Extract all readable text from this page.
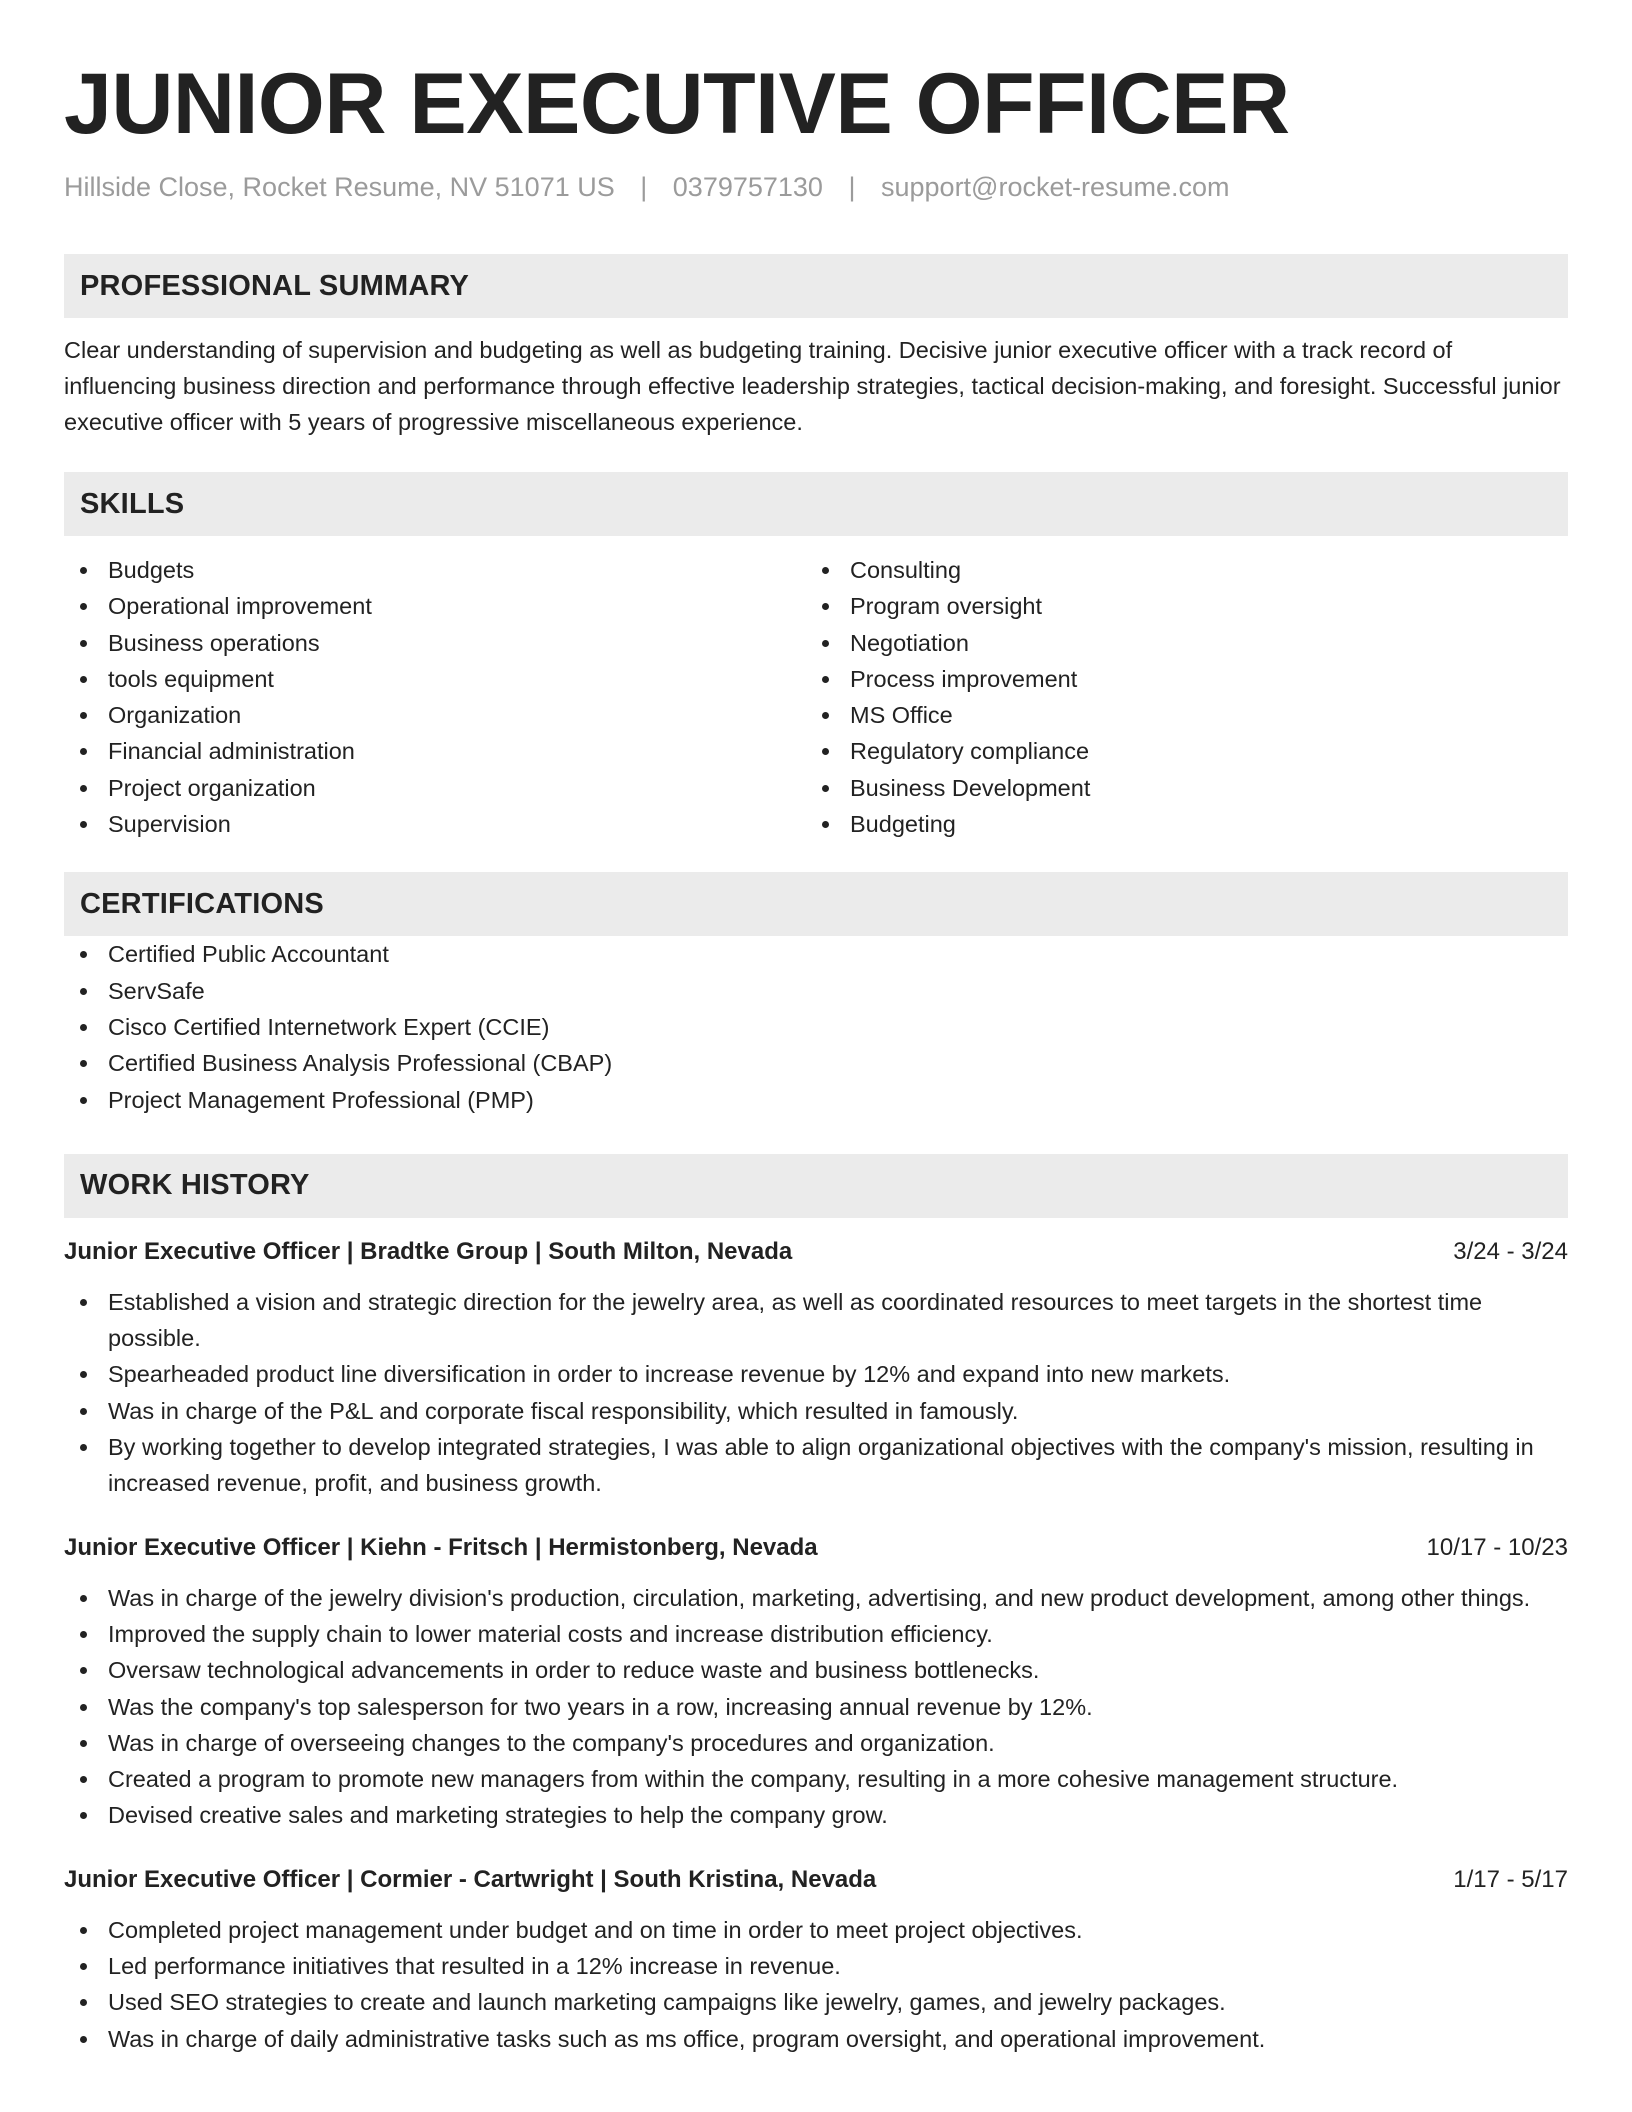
JUNIOR EXECUTIVE OFFICER
Hillside Close, Rocket Resume, NV 51071 US | 0379757130 | support@rocket-resume.com
PROFESSIONAL SUMMARY

Clear understanding of supervision and budgeting as well as budgeting training. Decisive junior executive officer with a track record of influencing business direction and performance through effective leadership strategies, tactical decision-making, and foresight. Successful junior executive officer with 5 years of progressive miscellaneous experience.

SKILLS
Budgets
Operational improvement
Business operations
tools equipment
Organization
Financial administration
Project organization
Supervision
Consulting
Program oversight
Negotiation
Process improvement
MS Office
Regulatory compliance
Business Development
Budgeting
CERTIFICATIONS
Certified Public Accountant
ServSafe
Cisco Certified Internetwork Expert (CCIE)
Certified Business Analysis Professional (CBAP)
Project Management Professional (PMP)
WORK HISTORY
Junior Executive Officer | Bradtke Group | South Milton, Nevada	3/24 - 3/24
Established a vision and strategic direction for the jewelry area, as well as coordinated resources to meet targets in the shortest time possible.
Spearheaded product line diversification in order to increase revenue by 12% and expand into new markets.
Was in charge of the P&L and corporate fiscal responsibility, which resulted in famously.
By working together to develop integrated strategies, I was able to align organizational objectives with the company's mission, resulting in increased revenue, profit, and business growth.
Junior Executive Officer | Kiehn - Fritsch | Hermistonberg, Nevada	10/17 - 10/23
Was in charge of the jewelry division's production, circulation, marketing, advertising, and new product development, among other things.
Improved the supply chain to lower material costs and increase distribution efficiency.
Oversaw technological advancements in order to reduce waste and business bottlenecks.
Was the company's top salesperson for two years in a row, increasing annual revenue by 12%.
Was in charge of overseeing changes to the company's procedures and organization.
Created a program to promote new managers from within the company, resulting in a more cohesive management structure.
Devised creative sales and marketing strategies to help the company grow.
Junior Executive Officer | Cormier - Cartwright | South Kristina, Nevada	1/17 - 5/17
Completed project management under budget and on time in order to meet project objectives.
Led performance initiatives that resulted in a 12% increase in revenue.
Used SEO strategies to create and launch marketing campaigns like jewelry, games, and jewelry packages.
Was in charge of daily administrative tasks such as ms office, program oversight, and operational improvement.
